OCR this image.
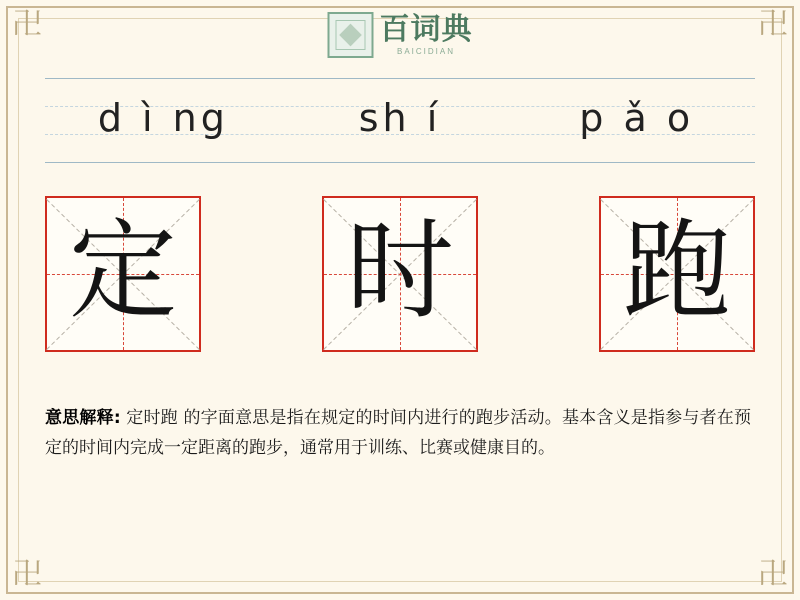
卍	卍
卍	卍
百词典
BAICIDIAN
d ì ng	sh í	p ǎ o
定 时 跑
意思解释: 定时跑 的字面意思是指在规定的时间内进行的跑步活动。基本含义是指参与者在预定的时间内完成一定距离的跑步，通常用于训练、比赛或健康目的。
